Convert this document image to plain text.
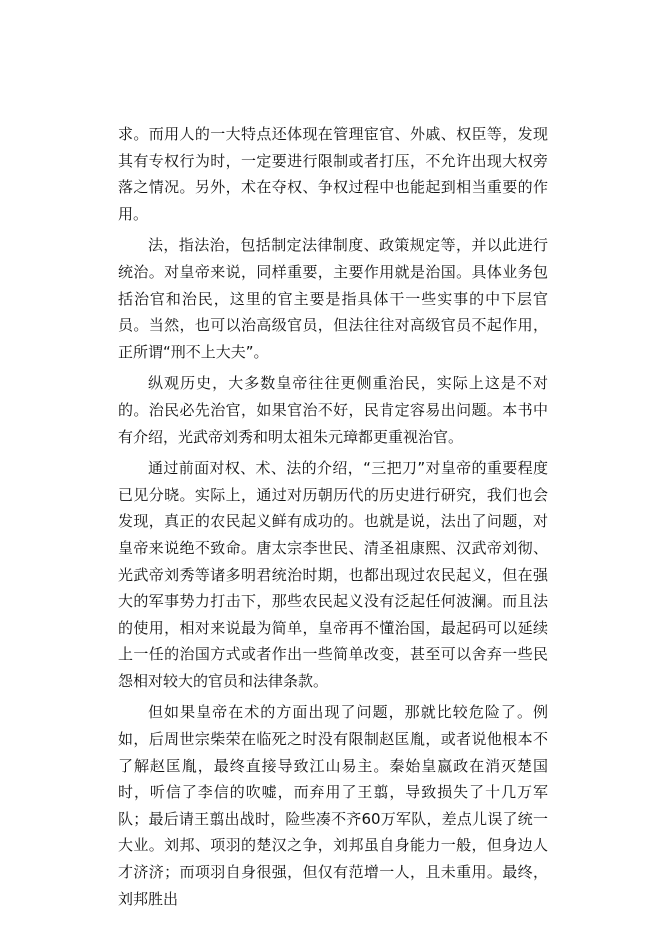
求。而用人的一大特点还体现在管理宦官、外戚、权臣等，发现其有专权行为时，一定要进行限制或者打压，不允许出现大权旁落之情况。另外，术在夺权、争权过程中也能起到相当重要的作用。

法，指法治，包括制定法律制度、政策规定等，并以此进行统治。对皇帝来说，同样重要，主要作用就是治国。具体业务包括治官和治民，这里的官主要是指具体干一些实事的中下层官员。当然，也可以治高级官员，但法往往对高级官员不起作用，正所谓“刑不上大夫”。

纵观历史，大多数皇帝往往更侧重治民，实际上这是不对的。治民必先治官，如果官治不好，民肯定容易出问题。本书中有介绍，光武帝刘秀和明太祖朱元璋都更重视治官。

通过前面对权、术、法的介绍，“三把刀”对皇帝的重要程度已见分晓。实际上，通过对历朝历代的历史进行研究，我们也会发现，真正的农民起义鲜有成功的。也就是说，法出了问题，对皇帝来说绝不致命。唐太宗李世民、清圣祖康熙、汉武帝刘彻、光武帝刘秀等诸多明君统治时期，也都出现过农民起义，但在强大的军事势力打击下，那些农民起义没有泛起任何波澜。而且法的使用，相对来说最为简单，皇帝再不懂治国，最起码可以延续上一任的治国方式或者作出一些简单改变，甚至可以舍弃一些民怨相对较大的官员和法律条款。

但如果皇帝在术的方面出现了问题，那就比较危险了。例如，后周世宗柴荣在临死之时没有限制赵匡胤，或者说他根本不了解赵匡胤，最终直接导致江山易主。秦始皇嬴政在消灭楚国时，听信了李信的吹嘘，而弃用了王翦，导致损失了十几万军队；最后请王翦出战时，险些凑不齐60万军队，差点儿误了统一大业。刘邦、项羽的楚汉之争，刘邦虽自身能力一般，但身边人才济济；而项羽自身很强，但仅有范增一人，且未重用。最终，刘邦胜出
